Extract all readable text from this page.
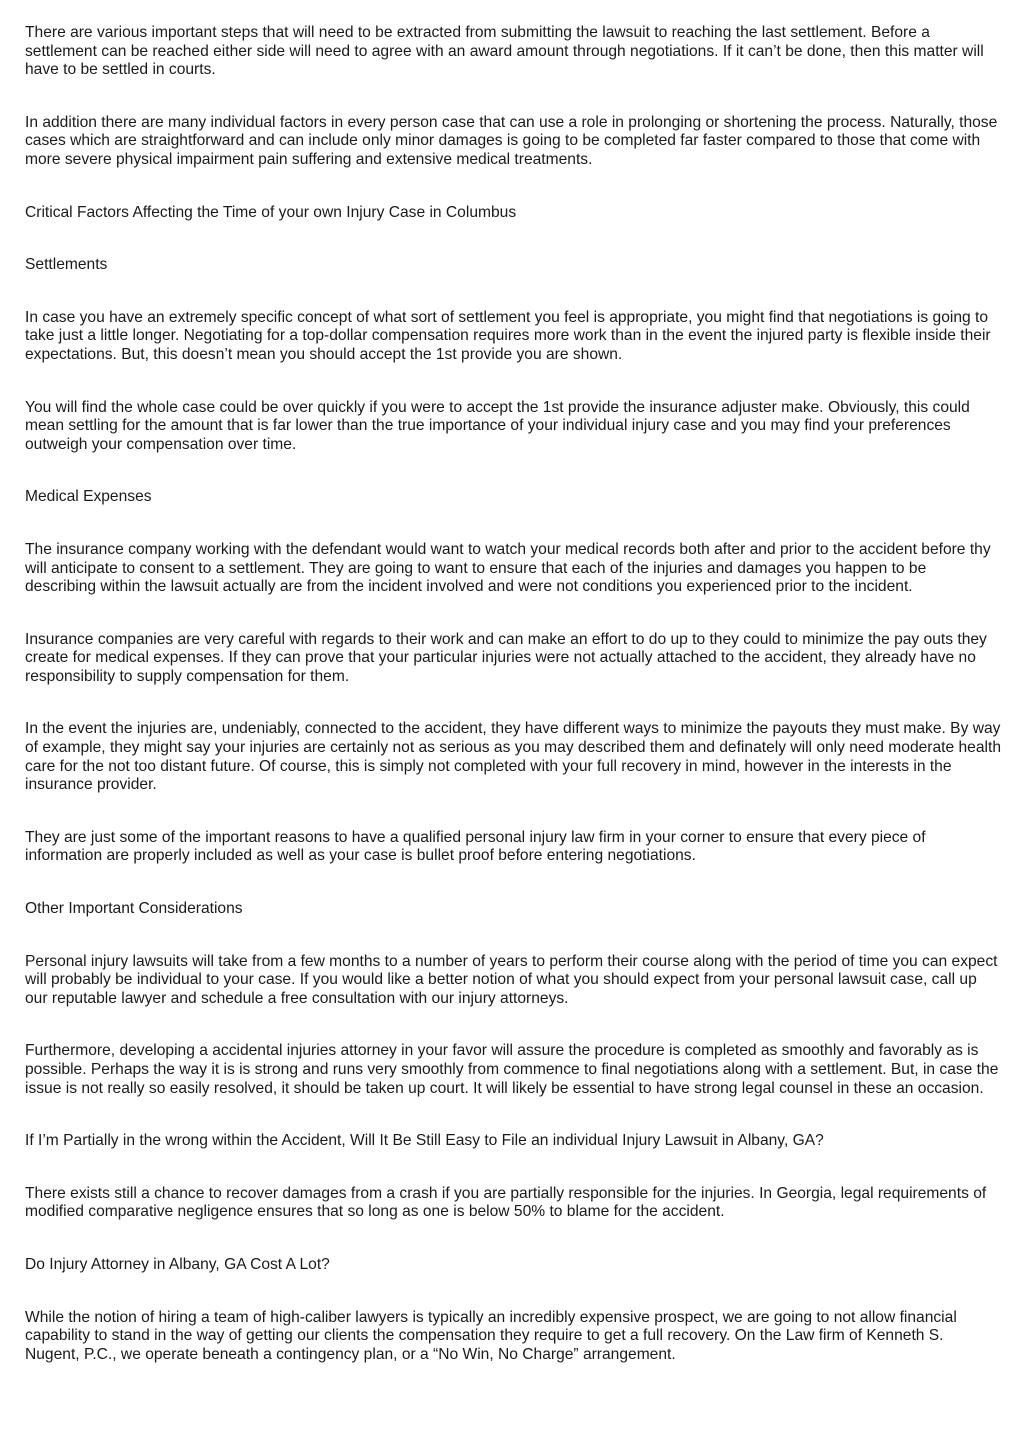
There are various important steps that will need to be extracted from submitting the lawsuit to reaching the last settlement. Before a settlement can be reached either side will need to agree with an award amount through negotiations. If it can’t be done, then this matter will have to be settled in courts.

In addition there are many individual factors in every person case that can use a role in prolonging or shortening the process. Naturally, those cases which are straightforward and can include only minor damages is going to be completed far faster compared to those that come with more severe physical impairment pain suffering and extensive medical treatments.

Critical Factors Affecting the Time of your own Injury Case in Columbus

Settlements

In case you have an extremely specific concept of what sort of settlement you feel is appropriate, you might find that negotiations is going to take just a little longer. Negotiating for a top-dollar compensation requires more work than in the event the injured party is flexible inside their expectations. But, this doesn’t mean you should accept the 1st provide you are shown.

You will find the whole case could be over quickly if you were to accept the 1st provide the insurance adjuster make. Obviously, this could mean settling for the amount that is far lower than the true importance of your individual injury case and you may find your preferences outweigh your compensation over time.

Medical Expenses

The insurance company working with the defendant would want to watch your medical records both after and prior to the accident before thy will anticipate to consent to a settlement. They are going to want to ensure that each of the injuries and damages you happen to be describing within the lawsuit actually are from the incident involved and were not conditions you experienced prior to the incident.

Insurance companies are very careful with regards to their work and can make an effort to do up to they could to minimize the pay outs they create for medical expenses. If they can prove that your particular injuries were not actually attached to the accident, they already have no responsibility to supply compensation for them.

In the event the injuries are, undeniably, connected to the accident, they have different ways to minimize the payouts they must make. By way of example, they might say your injuries are certainly not as serious as you may described them and definately will only need moderate health care for the not too distant future. Of course, this is simply not completed with your full recovery in mind, however in the interests in the insurance provider.

They are just some of the important reasons to have a qualified personal injury law firm in your corner to ensure that every piece of information are properly included as well as your case is bullet proof before entering negotiations.

Other Important Considerations

Personal injury lawsuits will take from a few months to a number of years to perform their course along with the period of time you can expect will probably be individual to your case. If you would like a better notion of what you should expect from your personal lawsuit case, call up our reputable lawyer and schedule a free consultation with our injury attorneys.

Furthermore, developing a accidental injuries attorney in your favor will assure the procedure is completed as smoothly and favorably as is possible. Perhaps the way it is is strong and runs very smoothly from commence to final negotiations along with a settlement. But, in case the issue is not really so easily resolved, it should be taken up court. It will likely be essential to have strong legal counsel in these an occasion.

If I’m Partially in the wrong within the Accident, Will It Be Still Easy to File an individual Injury Lawsuit in Albany, GA?

There exists still a chance to recover damages from a crash if you are partially responsible for the injuries. In Georgia, legal requirements of modified comparative negligence ensures that so long as one is below 50% to blame for the accident.

Do Injury Attorney in Albany, GA Cost A Lot?

While the notion of hiring a team of high-caliber lawyers is typically an incredibly expensive prospect, we are going to not allow financial capability to stand in the way of getting our clients the compensation they require to get a full recovery. On the Law firm of Kenneth S. Nugent, P.C., we operate beneath a contingency plan, or a “No Win, No Charge” arrangement.
